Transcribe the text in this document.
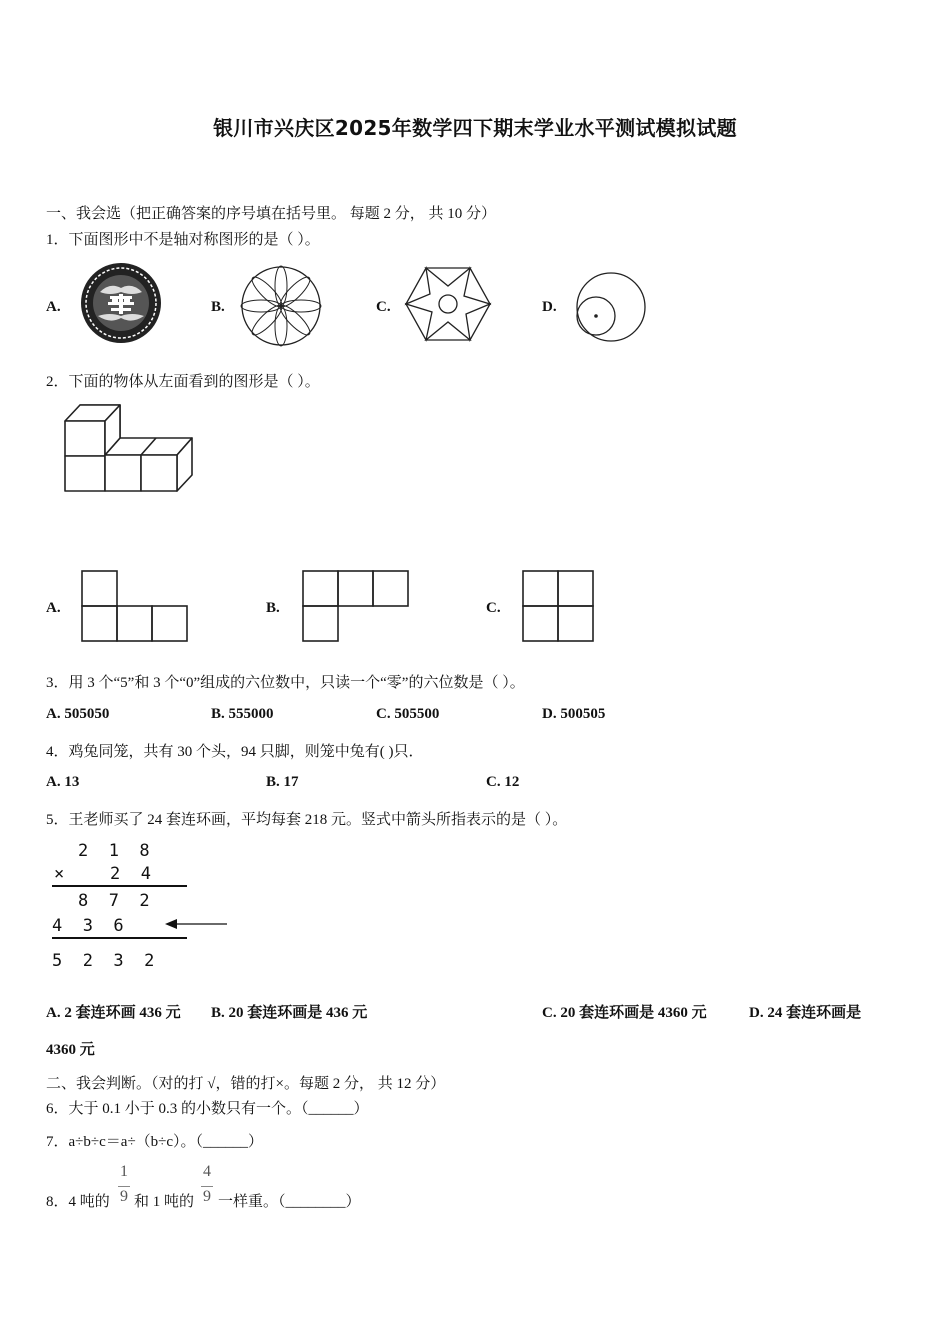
银川市兴庆区2025年数学四下期末学业水平测试模拟试题
一、我会选（把正确答案的序号填在括号里。 每题 2 分， 共 10 分）
1．下面图形中不是轴对称图形的是（ ）。
A.	B.	C.	D.
2．下面的物体从左面看到的图形是（ ）。
A.	B.	C.
3．用 3 个“5”和 3 个“0”组成的六位数中，只读一个“零”的六位数是（ ）。
A. 505050	B. 555000	C. 505500	D. 500505
4．鸡兔同笼，共有 30 个头，94 只脚，则笼中兔有( )只．
A. 13	B. 17	C. 12
5．王老师买了 24 套连环画，平均每套 218 元。竖式中箭头所指表示的是（ ）。
2  1  8
×	2  4
8  7  2
4  3  6
5  2  3  2
A. 2 套连环画 436 元 B. 20 套连环画是 436 元	C. 20 套连环画是 4360 元	D. 24 套连环画是
4360 元
二、我会判断。（对的打 √，错的打×。每题 2 分， 共 12 分）
6．大于 0.1 小于 0.3 的小数只有一个。（______）
7．a÷b÷c＝a÷（b÷c）。（______）
8．4 吨的
1
9 和 1 吨的
4
9 一样重。（________）
